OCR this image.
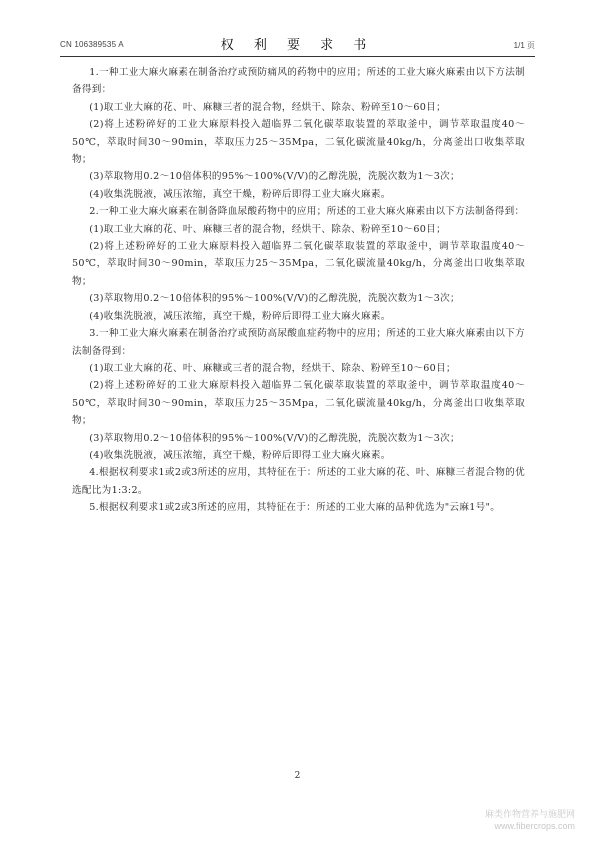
CN 106389535 A	权 利 要 求 书	1/1 页

1.一种工业大麻火麻素在制备治疗或预防痛风的药物中的应用；所述的工业大麻火麻素由以下方法制备得到：

(1)取工业大麻的花、叶、麻糠三者的混合物，经烘干、除杂、粉碎至10～60目；

(2)将上述粉碎好的工业大麻原料投入超临界二氧化碳萃取装置的萃取釜中，调节萃取温度40～50℃，萃取时间30～90min，萃取压力25～35Mpa，二氧化碳流量40kg/h，分离釜出口收集萃取物；

(3)萃取物用0.2～10倍体积的95%～100%(V/V)的乙醇洗脱，洗脱次数为1～3次；

(4)收集洗脱液，减压浓缩，真空干燥，粉碎后即得工业大麻火麻素。

2.一种工业大麻火麻素在制备降血尿酸药物中的应用；所述的工业大麻火麻素由以下方法制备得到：

(1)取工业大麻的花、叶、麻糠三者的混合物，经烘干、除杂、粉碎至10～60目；

(2)将上述粉碎好的工业大麻原料投入超临界二氧化碳萃取装置的萃取釜中，调节萃取温度40～50℃，萃取时间30～90min，萃取压力25～35Mpa，二氧化碳流量40kg/h，分离釜出口收集萃取物；

(3)萃取物用0.2～10倍体积的95%～100%(V/V)的乙醇洗脱，洗脱次数为1～3次；

(4)收集洗脱液，减压浓缩，真空干燥，粉碎后即得工业大麻火麻素。

3.一种工业大麻火麻素在制备治疗或预防高尿酸血症药物中的应用；所述的工业大麻火麻素由以下方法制备得到：

(1)取工业大麻的花、叶、麻糠或三者的混合物，经烘干、除杂、粉碎至10～60目；

(2)将上述粉碎好的工业大麻原料投入超临界二氧化碳萃取装置的萃取釜中，调节萃取温度40～50℃，萃取时间30～90min，萃取压力25～35Mpa，二氧化碳流量40kg/h，分离釜出口收集萃取物；

(3)萃取物用0.2～10倍体积的95%～100%(V/V)的乙醇洗脱，洗脱次数为1～3次；

(4)收集洗脱液，减压浓缩，真空干燥，粉碎后即得工业大麻火麻素。

4.根据权利要求1或2或3所述的应用，其特征在于：所述的工业大麻的花、叶、麻糠三者混合物的优选配比为1:3:2。

5.根据权利要求1或2或3所述的应用，其特征在于：所述的工业大麻的品种优选为"云麻1号"。

2
麻类作物营养与施肥网
www.fibercrops.com
